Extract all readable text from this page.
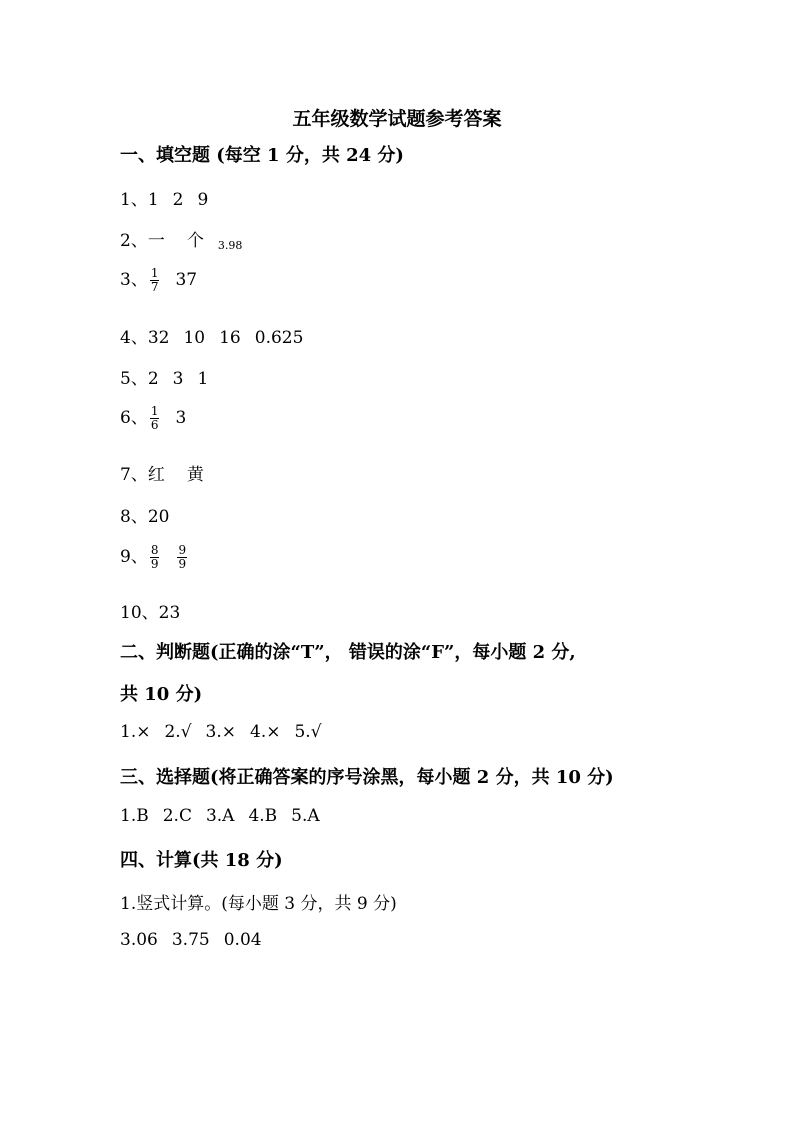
五年级数学试题参考答案
一、填空题 (每空 1 分，共 24 分)
1、1 2 9
2、一 个 3.98
3、 $\frac{1}{7} 37$
4、32 10 16 0.625
5、2 3 1
6、 $\frac{1}{6} 3$
7、红 黄
8、20
9、 $\frac{8}{9} \frac{9}{9}$
10、23
二、判断题(正确的涂“T”， 错误的涂“F”，每小题 2 分,
共 10 分)
1.× 2.√ 3.× 4.× 5.√
三、选择题(将正确答案的序号涂黑，每小题 2 分，共 10 分)
1.B 2.C 3.A 4.B 5.A
四、计算(共 18 分)
1.竖式计算。(每小题 3 分，共 9 分)
3.06 3.75 0.04
